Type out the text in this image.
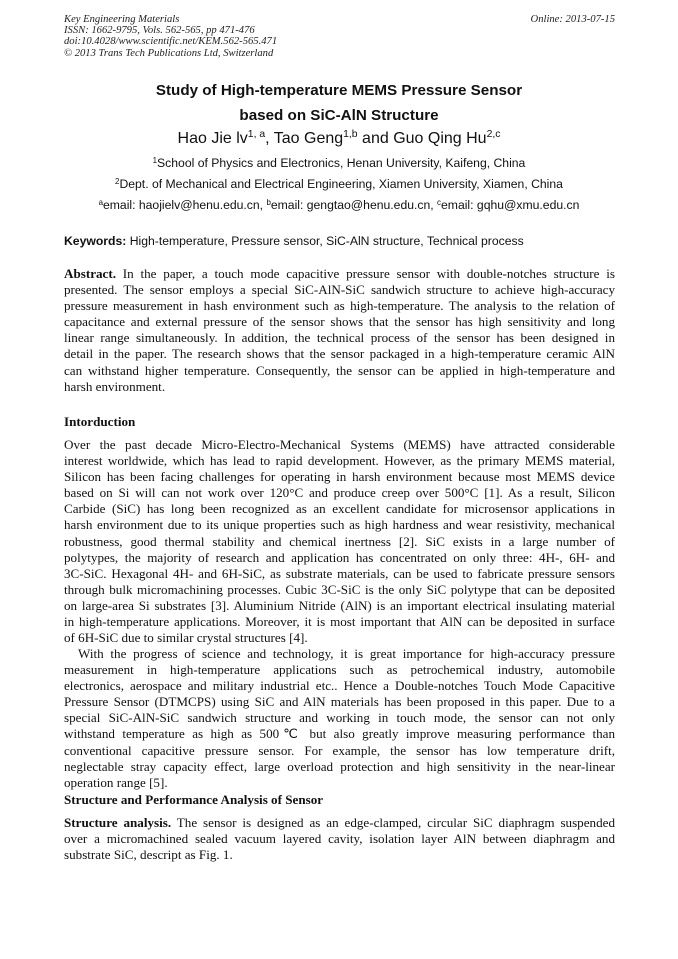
Key Engineering Materials
ISSN: 1662-9795, Vols. 562-565, pp 471-476
doi:10.4028/www.scientific.net/KEM.562-565.471
© 2013 Trans Tech Publications Ltd, Switzerland
Online: 2013-07-15
Study of High-temperature MEMS Pressure Sensor
based on SiC-AlN Structure
Hao Jie lv$^{1, a}$, Tao Geng$^{1,b}$ and Guo Qing Hu$^{2,c}$
$^1$School of Physics and Electronics, Henan University, Kaifeng, China
$^2$Dept. of Mechanical and Electrical Engineering, Xiamen University, Xiamen, China
$^a$email: haojielv@henu.edu.cn, $^b$email: gengtao@henu.edu.cn, $^c$email: gqhu@xmu.edu.cn
Keywords: High-temperature, Pressure sensor, SiC-AlN structure, Technical process
Abstract. In the paper, a touch mode capacitive pressure sensor with double-notches structure is
presented. The sensor employs a special SiC-AlN-SiC sandwich structure to achieve high-accuracy
pressure measurement in hash environment such as high-temperature. The analysis to the relation of
capacitance and external pressure of the sensor shows that the sensor has high sensitivity and long
linear range simultaneously. In addition, the technical process of the sensor has been designed in
detail in the paper. The research shows that the sensor packaged in a high-temperature ceramic AlN
can withstand higher temperature. Consequently, the sensor can be applied in high-temperature and
harsh environment.
Intorduction
Over the past decade Micro-Electro-Mechanical Systems (MEMS) have attracted considerable
interest worldwide, which has lead to rapid development. However, as the primary MEMS material,
Silicon has been facing challenges for operating in harsh environment because most MEMS device
based on Si will can not work over 120°C and produce creep over 500°C [1]. As a result, Silicon
Carbide (SiC) has long been recognized as an excellent candidate for microsensor applications in
harsh environment due to its unique properties such as high hardness and wear resistivity, mechanical
robustness, good thermal stability and chemical inertness [2]. SiC exists in a large number of
polytypes, the majority of research and application has concentrated on only three: 4H-, 6H- and
3C-SiC. Hexagonal 4H- and 6H-SiC, as substrate materials, can be used to fabricate pressure sensors
through bulk micromachining processes. Cubic 3C-SiC is the only SiC polytype that can be deposited
on large-area Si substrates [3]. Aluminium Nitride (AlN) is an important electrical insulating material
in high-temperature applications. Moreover, it is most important that AlN can be deposited in surface
of 6H-SiC due to similar crystal structures [4].
With the progress of science and technology, it is great importance for high-accuracy pressure
measurement in high-temperature applications such as petrochemical industry, automobile
electronics, aerospace and military industrial etc.. Hence a Double-notches Touch Mode Capacitive
Pressure Sensor (DTMCPS) using SiC and AlN materials has been proposed in this paper. Due to a
special SiC-AlN-SiC sandwich structure and working in touch mode, the sensor can not only
withstand temperature as high as 500℃ but also greatly improve measuring performance than
conventional capacitive pressure sensor. For example, the sensor has low temperature drift,
neglectable stray capacity effect, large overload protection and high sensitivity in the near-linear
operation range [5].
Structure and Performance Analysis of Sensor
Structure analysis. The sensor is designed as an edge-clamped, circular SiC diaphragm suspended
over a micromachined sealed vacuum layered cavity, isolation layer AlN between diaphragm and
substrate SiC, descript as Fig. 1.
